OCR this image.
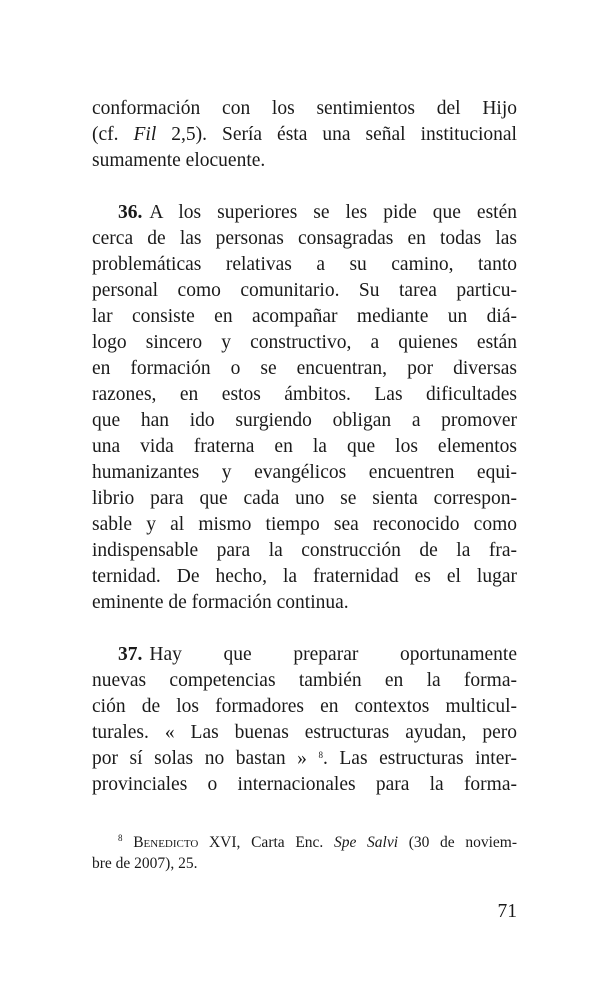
conformación con los sentimientos del Hijo
(cf. Fil 2,5). Sería ésta una señal institucional
sumamente elocuente.
36. A los superiores se les pide que estén
cerca de las personas consagradas en todas las
problemáticas relativas a su camino, tanto
personal como comunitario. Su tarea particu-
lar consiste en acompañar mediante un diá-
logo sincero y constructivo, a quienes están
en formación o se encuentran, por diversas
razones, en estos ámbitos. Las dificultades
que han ido surgiendo obligan a promover
una vida fraterna en la que los elementos
humanizantes y evangélicos encuentren equi-
librio para que cada uno se sienta correspon-
sable y al mismo tiempo sea reconocido como
indispensable para la construcción de la fra-
ternidad. De hecho, la fraternidad es el lugar
eminente de formación continua.
37. Hay que preparar oportunamente
nuevas competencias también en la forma-
ción de los formadores en contextos multicul-
turales. « Las buenas estructuras ayudan, pero
por sí solas no bastan » $^8$. Las estructuras inter-
provinciales o internacionales para la forma-
$^8$ Benedicto XVI, Carta Enc. Spe Salvi (30 de noviem-
bre de 2007), 25.
71
